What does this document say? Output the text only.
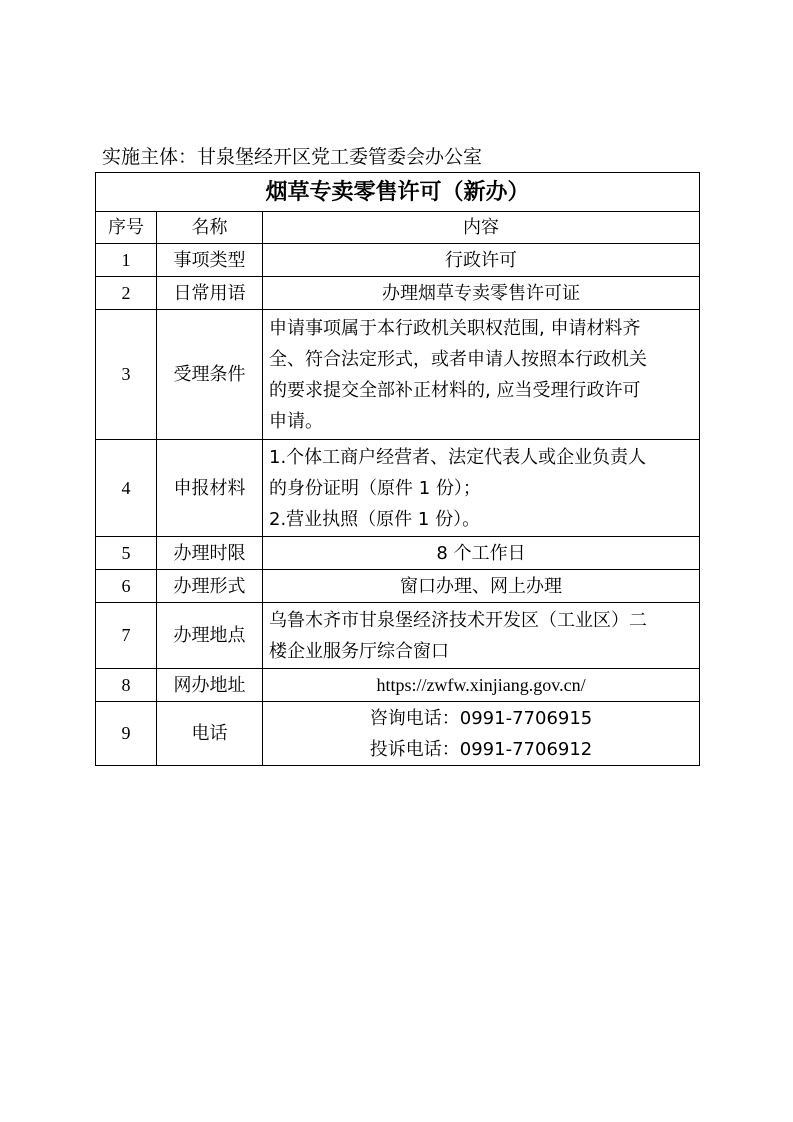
实施主体：甘泉堡经开区党工委管委会办公室
烟草专卖零售许可（新办）		
序号	名称	内容
1	事项类型	行政许可
2	日常用语	办理烟草专卖零售许可证
3	受理条件	申请事项属于本行政机关职权范围, 申请材料齐
全、符合法定形式，或者申请人按照本行政机关
的要求提交全部补正材料的, 应当受理行政许可
申请。

4	申报材料	1.个体工商户经营者、法定代表人或企业负责人
的身份证明（原件 1 份）；
2.营业执照（原件 1 份）。

5	办理时限	8 个工作日
6	办理形式	窗口办理、网上办理
7	办理地点	乌鲁木齐市甘泉堡经济技术开发区（工业区）二
楼企业服务厅综合窗口

8	网办地址	https://zwfw.xinjiang.gov.cn/
9	电话	咨询电话：0991-7706915
投诉电话：0991-7706912
